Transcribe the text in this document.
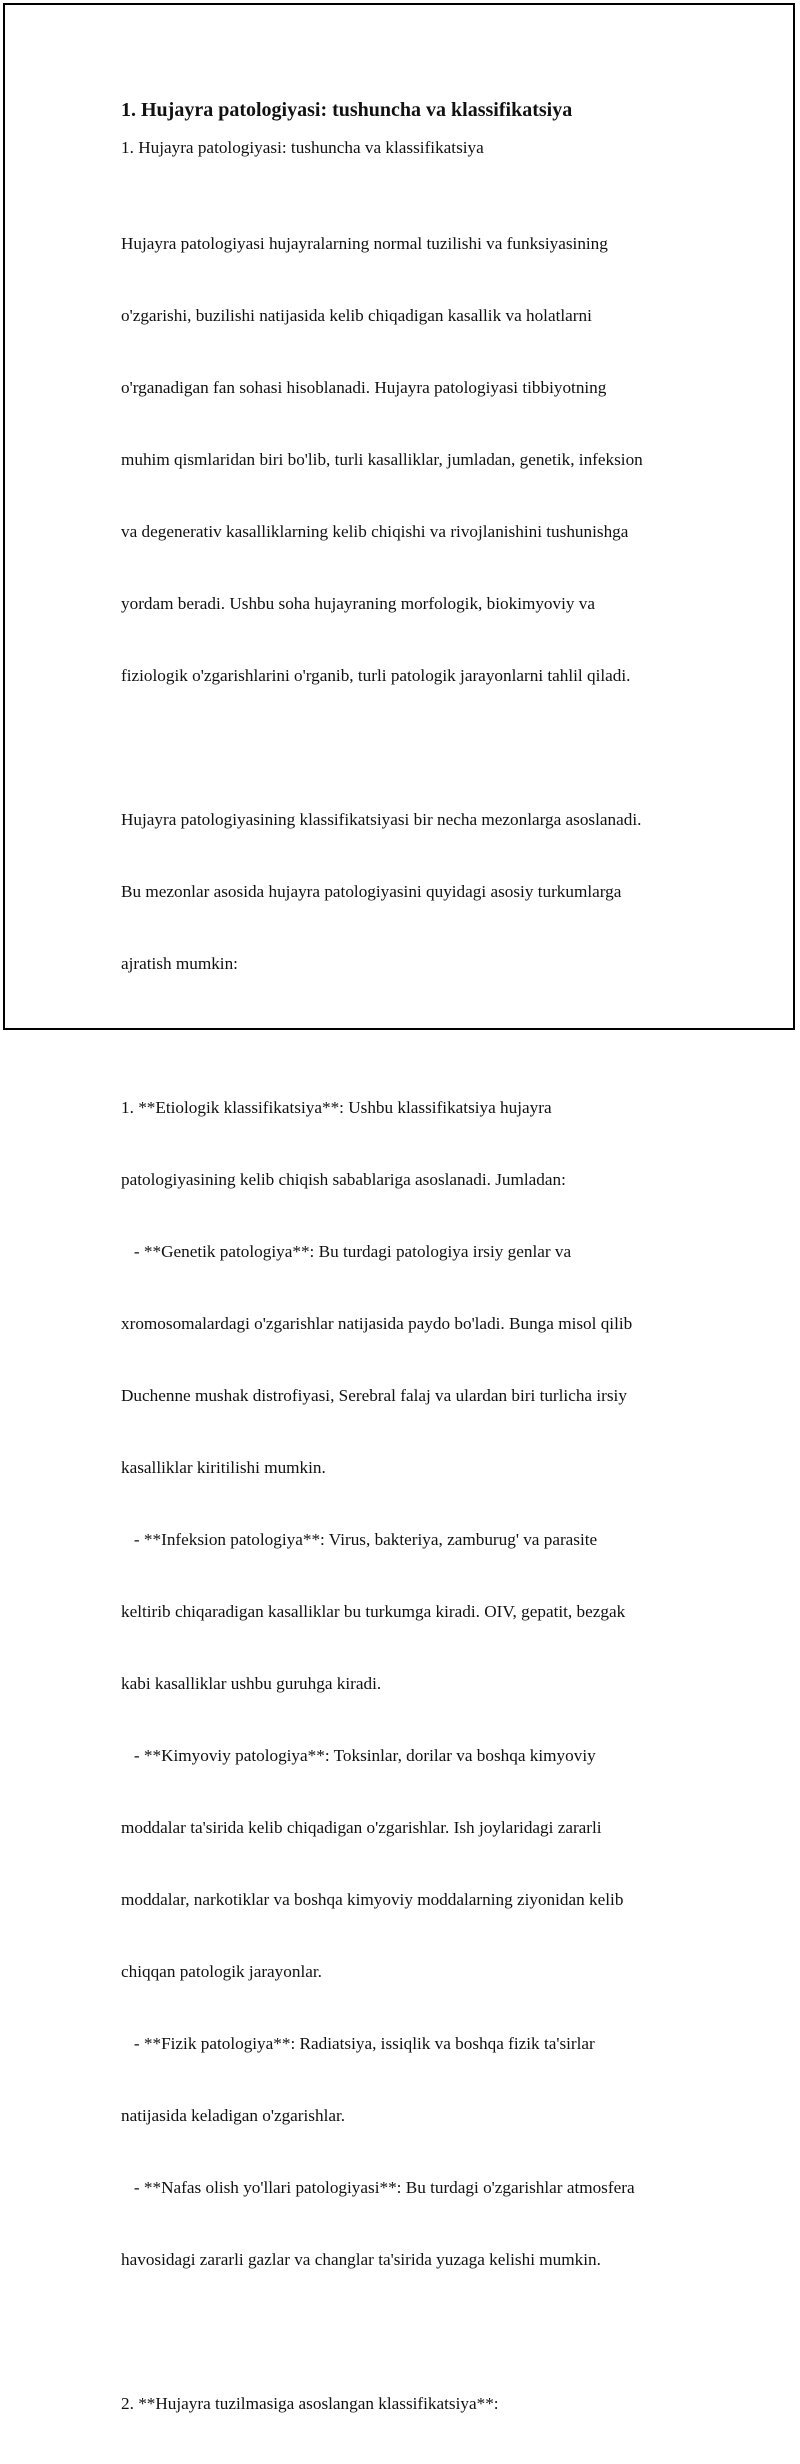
1. Hujayra patologiyasi: tushuncha va klassifikatsiya

1. Hujayra patologiyasi: tushuncha va klassifikatsiya

Hujayra patologiyasi hujayralarning normal tuzilishi va funksiyasining

o'zgarishi, buzilishi natijasida kelib chiqadigan kasallik va holatlarni

o'rganadigan fan sohasi hisoblanadi. Hujayra patologiyasi tibbiyotning

muhim qismlaridan biri bo'lib, turli kasalliklar, jumladan, genetik, infeksion

va degenerativ kasalliklarning kelib chiqishi va rivojlanishini tushunishga

yordam beradi. Ushbu soha hujayraning morfologik, biokimyoviy va

fiziologik o'zgarishlarini o'rganib, turli patologik jarayonlarni tahlil qiladi.

Hujayra patologiyasining klassifikatsiyasi bir necha mezonlarga asoslanadi.

Bu mezonlar asosida hujayra patologiyasini quyidagi asosiy turkumlarga

ajratish mumkin:

1. **Etiologik klassifikatsiya**: Ushbu klassifikatsiya hujayra

patologiyasining kelib chiqish sabablariga asoslanadi. Jumladan:

- **Genetik patologiya**: Bu turdagi patologiya irsiy genlar va

xromosomalardagi o'zgarishlar natijasida paydo bo'ladi. Bunga misol qilib

Duchenne mushak distrofiyasi, Serebral falaj va ulardan biri turlicha irsiy

kasalliklar kiritilishi mumkin.

- **Infeksion patologiya**: Virus, bakteriya, zamburug' va parasite

keltirib chiqaradigan kasalliklar bu turkumga kiradi. OIV, gepatit, bezgak

kabi kasalliklar ushbu guruhga kiradi.

- **Kimyoviy patologiya**: Toksinlar, dorilar va boshqa kimyoviy

moddalar ta'sirida kelib chiqadigan o'zgarishlar. Ish joylaridagi zararli

moddalar, narkotiklar va boshqa kimyoviy moddalarning ziyonidan kelib

chiqqan patologik jarayonlar.

- **Fizik patologiya**: Radiatsiya, issiqlik va boshqa fizik ta'sirlar

natijasida keladigan o'zgarishlar.

- **Nafas olish yo'llari patologiyasi**: Bu turdagi o'zgarishlar atmosfera

havosidagi zararli gazlar va changlar ta'sirida yuzaga kelishi mumkin.

2. **Hujayra tuzilmasiga asoslangan klassifikatsiya**:
